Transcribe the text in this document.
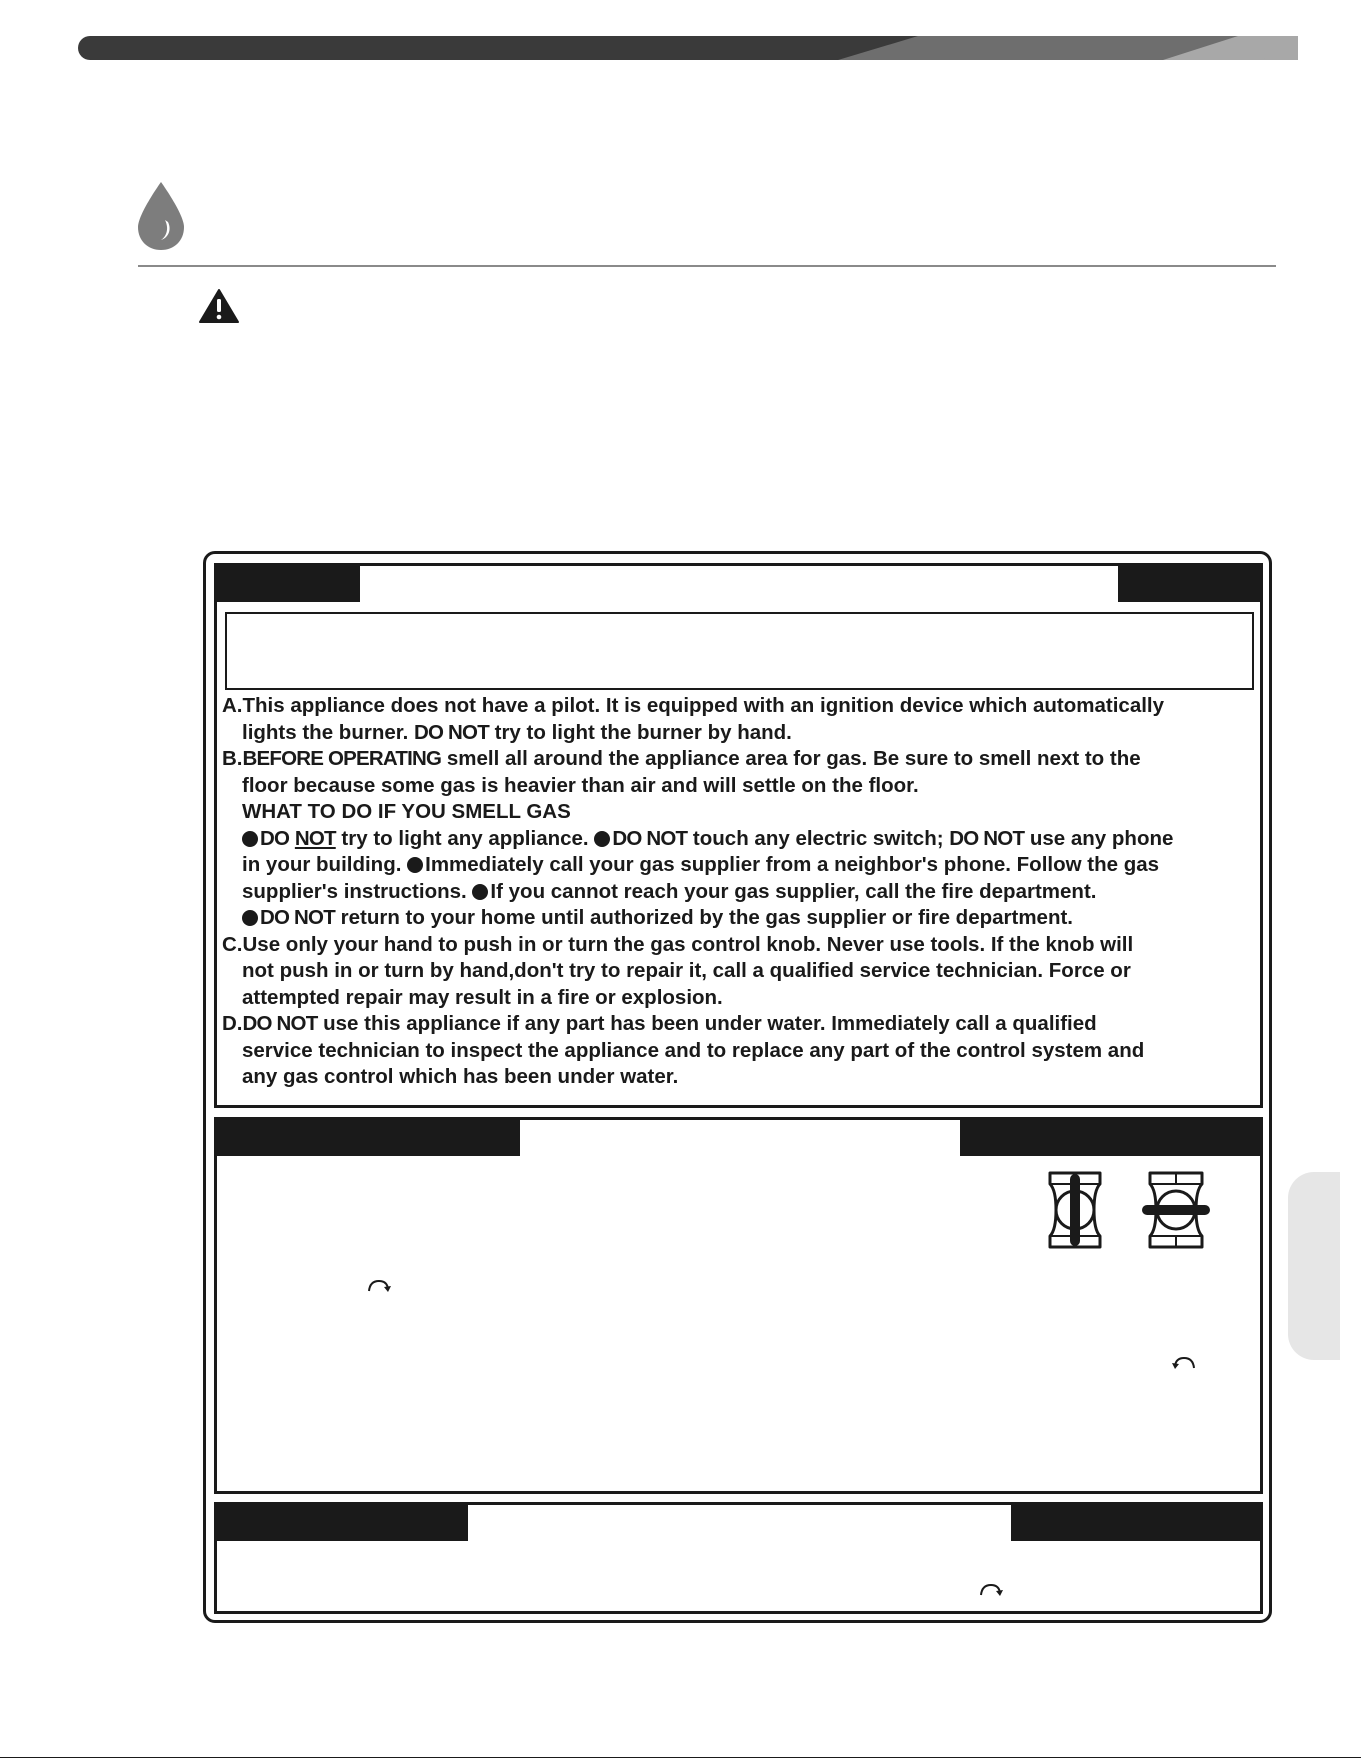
A.This appliance does not have a pilot. It is equipped with an ignition device which automatically

lights the burner. DO NOT try to light the burner by hand.

B.BEFORE OPERATING smell all around the appliance area for gas. Be sure to smell next to the

floor because some gas is heavier than air and will settle on the floor.

WHAT TO DO IF YOU SMELL GAS

DO NOT try to light any appliance. DO NOT touch any electric switch; DO NOT use any phone

in your building. Immediately call your gas supplier from a neighbor's phone. Follow the gas

supplier's instructions. If you cannot reach your gas supplier, call the fire department.

DO NOT return to your home until authorized by the gas supplier or fire department.

C.Use only your hand to push in or turn the gas control knob. Never use tools. If the knob will

not push in or turn by hand,don't try to repair it, call a qualified service technician. Force or

attempted repair may result in a fire or explosion.

D.DO NOT use this appliance if any part has been under water. Immediately call a qualified

service technician to inspect the appliance and to replace any part of the control system and

any gas control which has been under water.
